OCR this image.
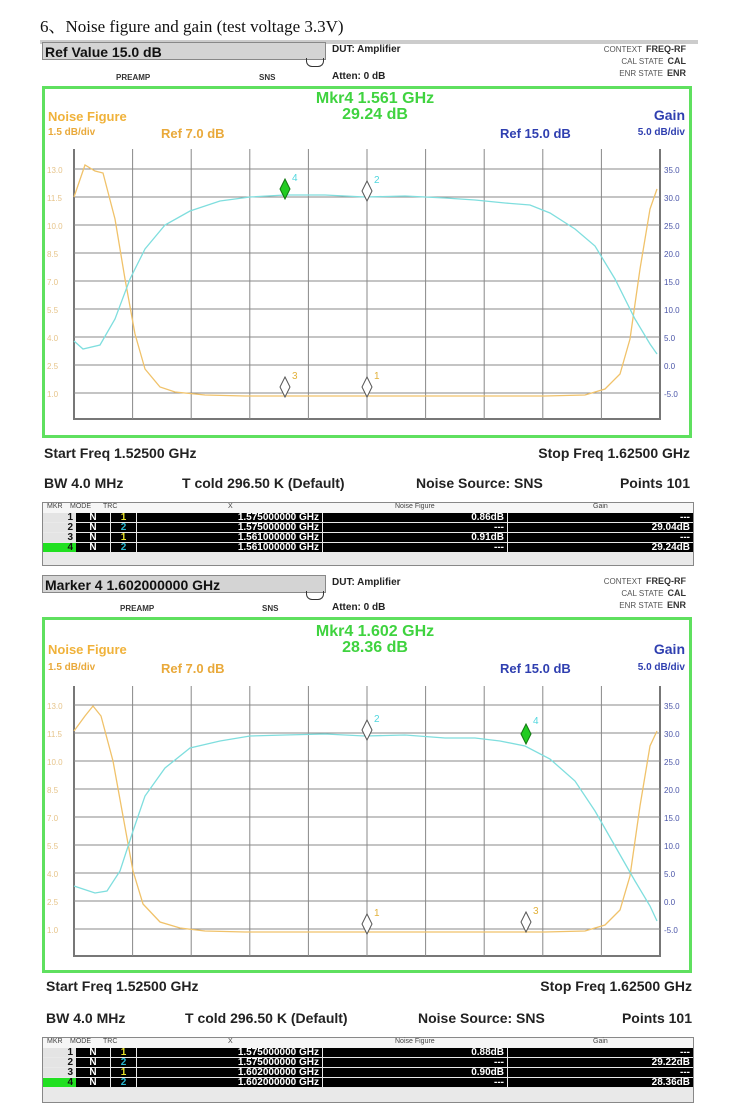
6、Noise figure and gain (test voltage 3.3V)
Ref Value 15.0 dB
PREAMP	SNS
DUT: Amplifier
Atten: 0 dB
CONTEXT FREQ-RF
CAL STATE CAL
ENR STATE ENR
Mkr4 1.561 GHz
29.24 dB
Noise Figure
1.5 dB/div	Ref 7.0 dB	Ref 15.0 dB
Gain
5.0 dB/div
13.0
11.5
10.0
8.5
7.0
5.5
4.0
2.5
1.0
35.0
30.0
25.0
20.0
15.0
10.0
5.0
0.0
-5.0
4	2
3	1
Start Freq 1.52500 GHz	Stop Freq 1.62500 GHz
BW 4.0 MHz	T cold 296.50 K (Default)	Noise Source: SNS	Points 101
MKR MODE TRC	X	Noise Figure	Gain
1	N	1	1.575000000 GHz	0.86dB	---
2	N	2	1.575000000 GHz	---	29.04dB
3	N	1	1.561000000 GHz	0.91dB	---
4	N	2	1.561000000 GHz	---	29.24dB
Marker 4 1.602000000 GHz
PREAMP	SNS
DUT: Amplifier
Atten: 0 dB
CONTEXT FREQ-RF
CAL STATE CAL
ENR STATE ENR
Mkr4 1.602 GHz
28.36 dB
Noise Figure
1.5 dB/div	Ref 7.0 dB	Ref 15.0 dB
Gain
5.0 dB/div
13.0
11.5
10.0
8.5
7.0
5.5
4.0
2.5
1.0
35.0
30.0
25.0
20.0
15.0
10.0
5.0
0.0
-5.0
2	4
1	3
Start Freq 1.52500 GHz	Stop Freq 1.62500 GHz
BW 4.0 MHz	T cold 296.50 K (Default)	Noise Source: SNS	Points 101
MKR MODE TRC	X	Noise Figure	Gain
1	N	1	1.575000000 GHz	0.88dB	---
2	N	2	1.575000000 GHz	---	29.22dB
3	N	1	1.602000000 GHz	0.90dB	---
4	N	2	1.602000000 GHz	---	28.36dB
